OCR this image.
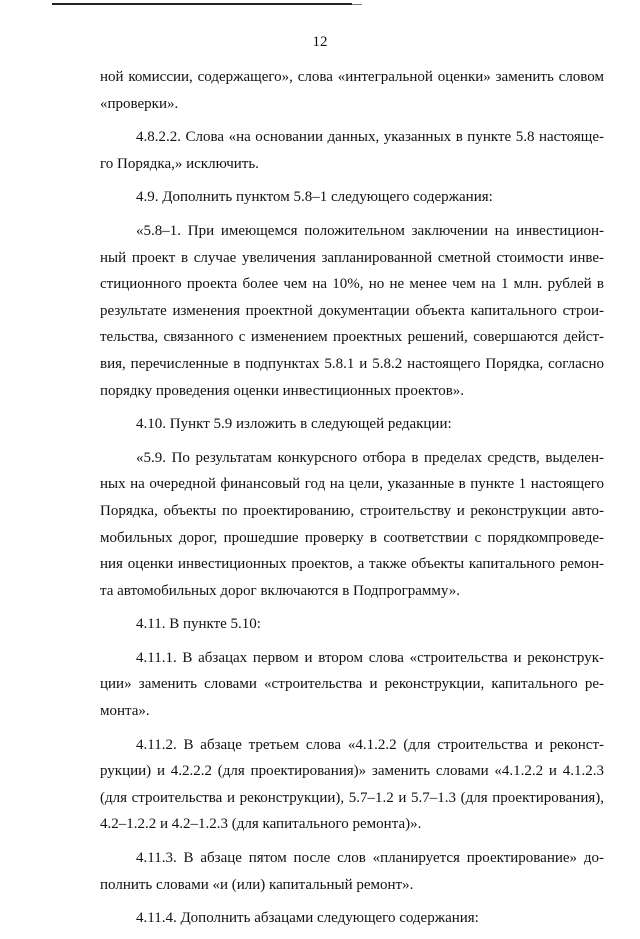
12

ной комиссии, содержащего», слова «интегральной оценки» заменить словом «проверки».

4.8.2.2. Слова «на основании данных, указанных в пункте 5.8 настояще-го Порядка,» исключить.

4.9. Дополнить пунктом 5.8–1 следующего содержания:

«5.8–1. При имеющемся положительном заключении на инвестицион-ный проект в случае увеличения запланированной сметной стоимости инве-стиционного проекта более чем на 10%, но не менее чем на 1 млн. рублей в результате изменения проектной документации объекта капитального строи-тельства, связанного с изменением проектных решений, совершаются дейст-вия, перечисленные в подпунктах 5.8.1 и 5.8.2 настоящего Порядка, согласно порядку проведения оценки инвестиционных проектов».

4.10. Пункт 5.9 изложить в следующей редакции:

«5.9. По результатам конкурсного отбора в пределах средств, выделен-ных на очередной финансовый год на цели, указанные в пункте 1 настоящего Порядка, объекты по проектированию, строительству и реконструкции авто-мобильных дорог, прошедшие проверку в соответствии с порядкомпроведе-ния оценки инвестиционных проектов, а также объекты капитального ремон-та автомобильных дорог включаются в Подпрограмму».

4.11. В пункте 5.10:

4.11.1. В абзацах первом и втором слова «строительства и реконструк-ции» заменить словами «строительства и реконструкции, капитального ре-монта».

4.11.2. В абзаце третьем слова «4.1.2.2 (для строительства и реконст-рукции) и 4.2.2.2 (для проектирования)» заменить словами «4.1.2.2 и 4.1.2.3 (для строительства и реконструкции), 5.7–1.2 и 5.7–1.3 (для проектирования), 4.2–1.2.2 и 4.2–1.2.3 (для капитального ремонта)».

4.11.3. В абзаце пятом после слов «планируется проектирование» до-полнить словами «и (или) капитальный ремонт».

4.11.4. Дополнить абзацами следующего содержания:
